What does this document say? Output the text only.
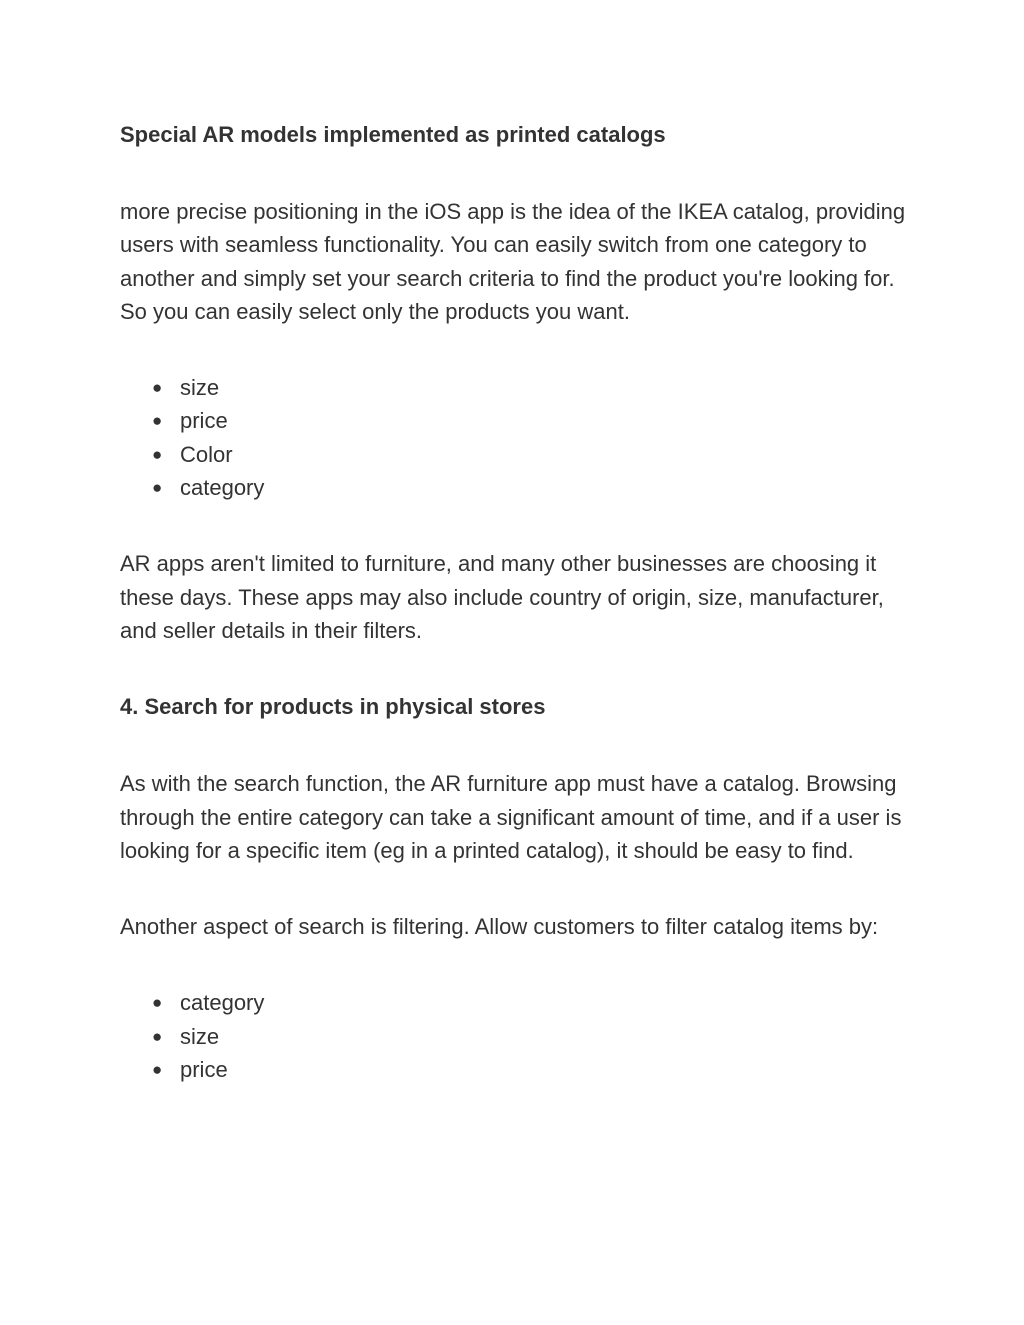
Special AR models implemented as printed catalogs

more precise positioning in the iOS app is the idea of the IKEA catalog, providing users with seamless functionality. You can easily switch from one category to another and simply set your search criteria to find the product you're looking for. So you can easily select only the products you want.

● size
● price
● Color
● category

AR apps aren't limited to furniture, and many other businesses are choosing it these days. These apps may also include country of origin, size, manufacturer, and seller details in their filters.

4. Search for products in physical stores

As with the search function, the AR furniture app must have a catalog. Browsing through the entire category can take a significant amount of time, and if a user is looking for a specific item (eg in a printed catalog), it should be easy to find.

Another aspect of search is filtering. Allow customers to filter catalog items by:

● category
● size
● price
